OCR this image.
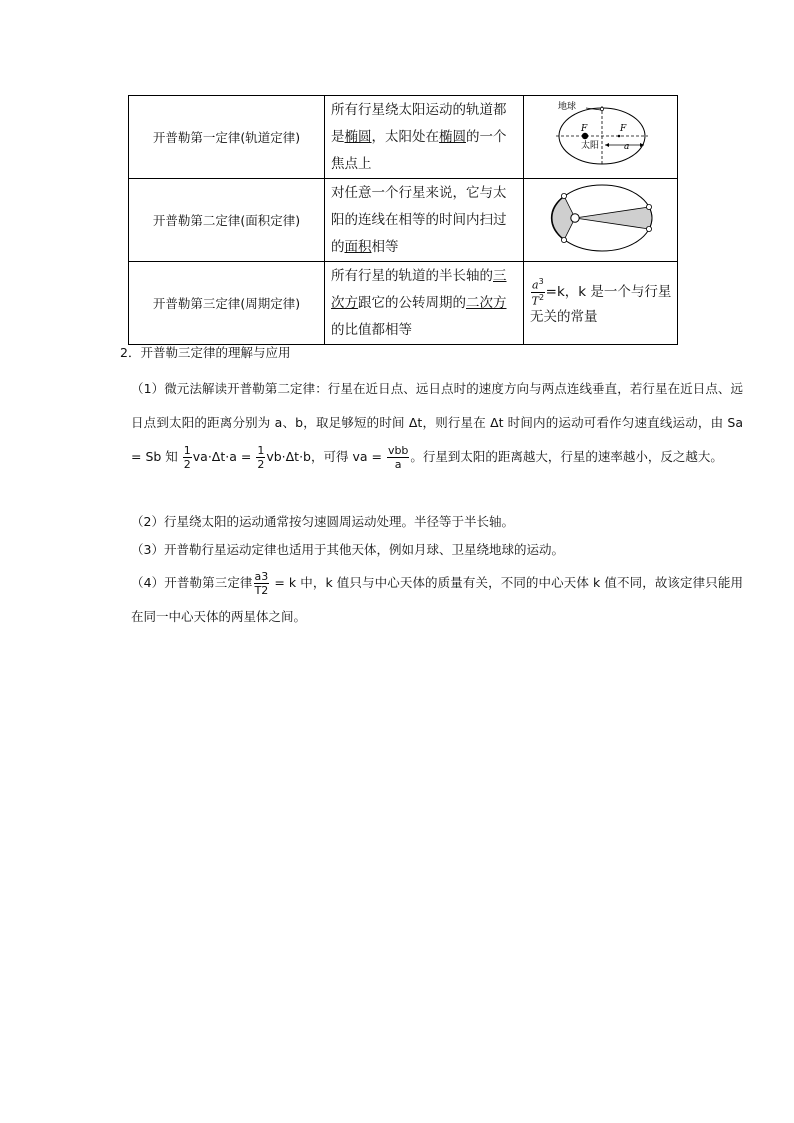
开普勒第一定律(轨道定律)	所有行星绕太阳运动的轨道都是椭圆，太阳处在椭圆的一个焦点上	F F
地球
太阳 a

开普勒第二定律(面积定律)	对任意一个行星来说，它与太阳的连线在相等的时间内扫过的面积相等	
开普勒第三定律(周期定律)	所有行星的轨道的半长轴的三次方跟它的公转周期的二次方的比值都相等	$\frac{a^3}{T^2} =k$，k 是一个与行星无关的常量
2．开普勒三定律的理解与应用
（1）微元法解读开普勒第二定律：行星在近日点、远日点时的速度方向与两点连线垂直，若行星在近日点、远日点到太阳的距离分别为 a、b，取足够短的时间 Δt，则行星在 Δt 时间内的运动可看作匀速直线运动，由 Sa = Sb 知 $\frac{1}{2} va\cdot\Delta t\cdot a = \frac{1}{2} vb\cdot\Delta t\cdot b$，可得 va = $\frac{\text{vbb}}{a}$ 。行星到太阳的距离越大，行星的速率越小，反之越大。
（2）行星绕太阳的运动通常按匀速圆周运动处理。半径等于半长轴。
（3）开普勒行星运动定律也适用于其他天体，例如月球、卫星绕地球的运动。
（4）开普勒第三定律 $\frac{a3}{T2} = k$ 中，k 值只与中心天体的质量有关，不同的中心天体 k 值不同，故该定律只能用在同一中心天体的两星体之间。
